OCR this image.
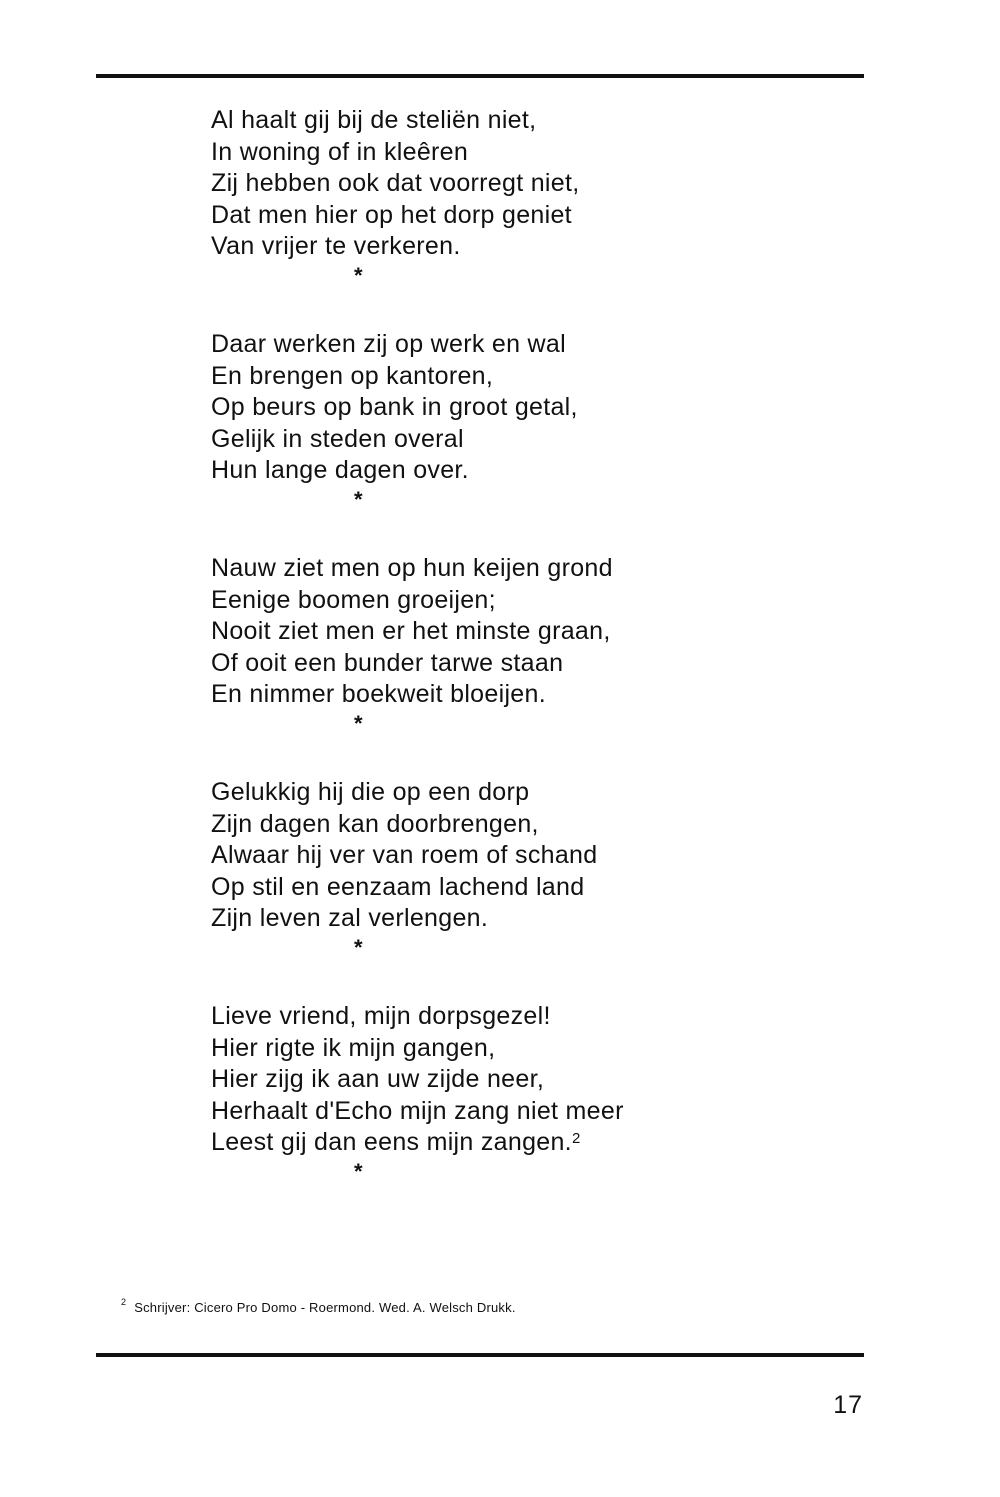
Al haalt gij bij de steliën niet,
In woning of in kleêren
Zij hebben ook dat voorregt niet,
Dat men hier op het dorp geniet
Van vrijer te verkeren.
*
Daar werken zij op werk en wal
En brengen op kantoren,
Op beurs op bank in groot getal,
Gelijk in steden overal
Hun lange dagen over.
*
Nauw ziet men op hun keijen grond
Eenige boomen groeijen;
Nooit ziet men er het minste graan,
Of ooit een bunder tarwe staan
En nimmer boekweit bloeijen.
*
Gelukkig hij die op een dorp
Zijn dagen kan doorbrengen,
Alwaar hij ver van roem of schand
Op stil en eenzaam lachend land
Zijn leven zal verlengen.
*
Lieve vriend, mijn dorpsgezel!
Hier rigte ik mijn gangen,
Hier zijg ik aan uw zijde neer,
Herhaalt d'Echo mijn zang niet meer
Leest gij dan eens mijn zangen.$^2$
*
$^2$ Schrijver: Cicero Pro Domo - Roermond. Wed. A. Welsch Drukk.
17
